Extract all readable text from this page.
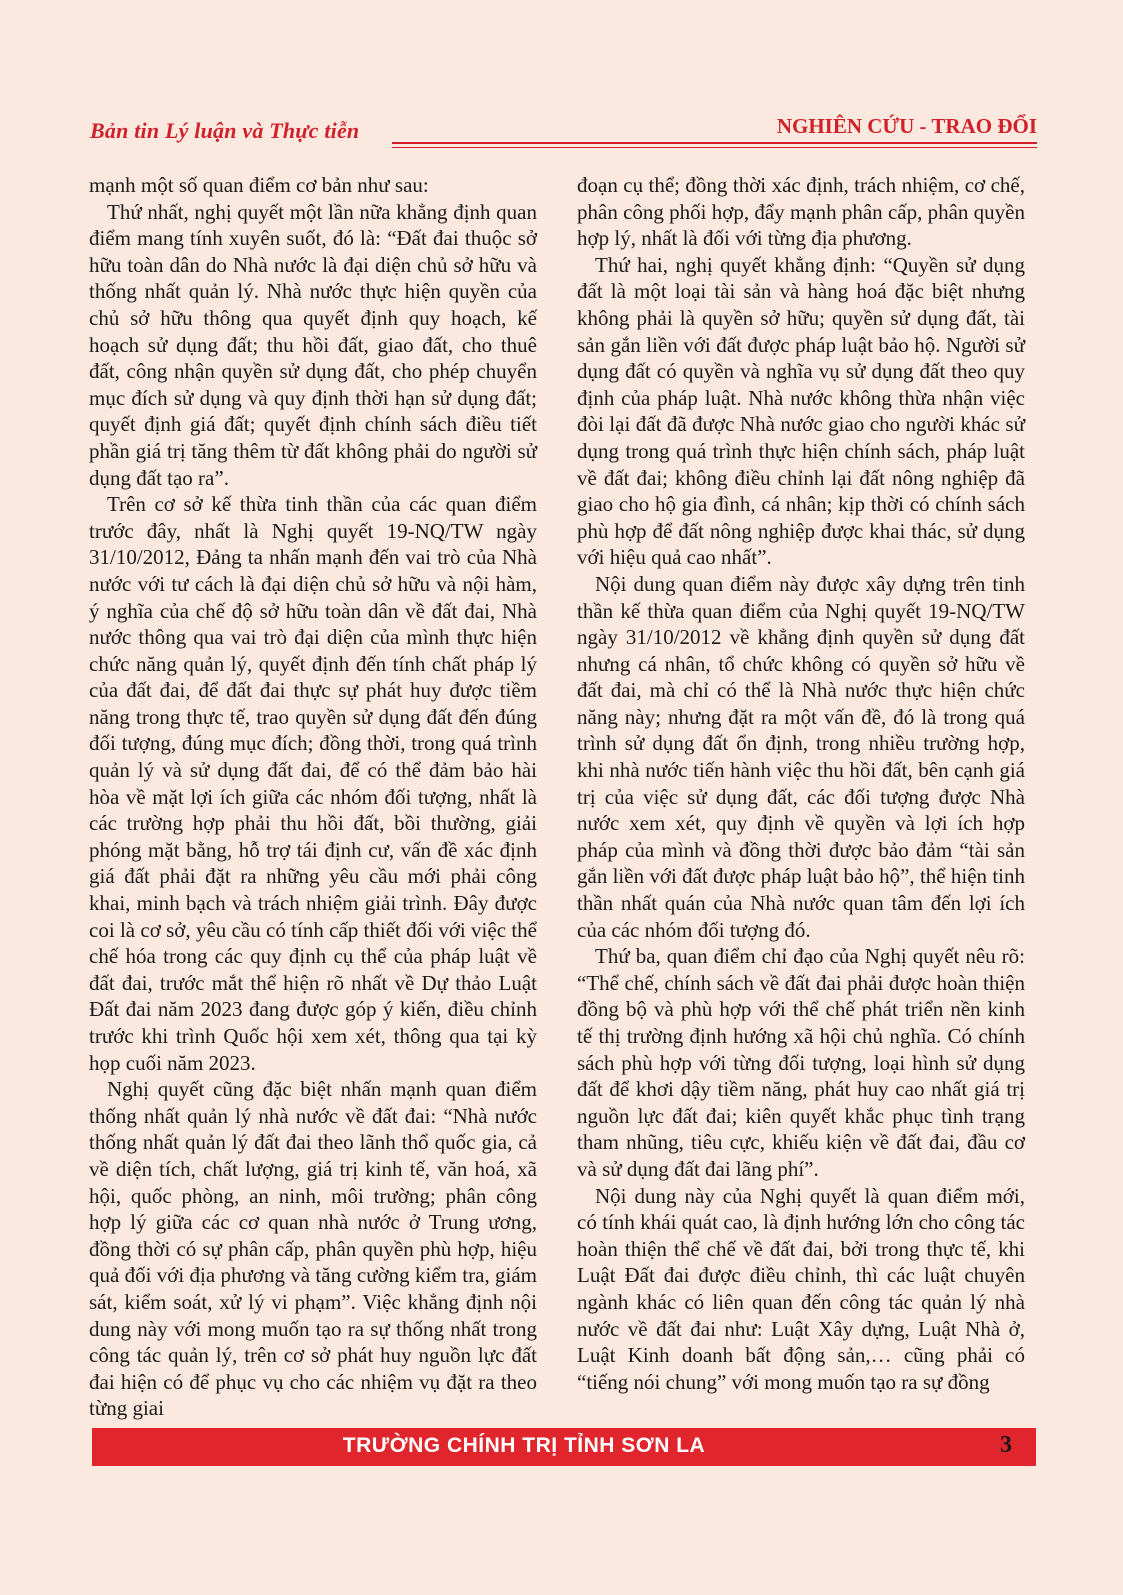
Bản tin Lý luận và Thực tiễn	NGHIÊN CỨU - TRAO ĐỔI

mạnh một số quan điểm cơ bản như sau:

Thứ nhất, nghị quyết một lần nữa khẳng định quan điểm mang tính xuyên suốt, đó là: “Đất đai thuộc sở hữu toàn dân do Nhà nước là đại diện chủ sở hữu và thống nhất quản lý. Nhà nước thực hiện quyền của chủ sở hữu thông qua quyết định quy hoạch, kế hoạch sử dụng đất; thu hồi đất, giao đất, cho thuê đất, công nhận quyền sử dụng đất, cho phép chuyển mục đích sử dụng và quy định thời hạn sử dụng đất; quyết định giá đất; quyết định chính sách điều tiết phần giá trị tăng thêm từ đất không phải do người sử dụng đất tạo ra”.

Trên cơ sở kế thừa tinh thần của các quan điểm trước đây, nhất là Nghị quyết 19-NQ/TW ngày 31/10/2012, Đảng ta nhấn mạnh đến vai trò của Nhà nước với tư cách là đại diện chủ sở hữu và nội hàm, ý nghĩa của chế độ sở hữu toàn dân về đất đai, Nhà nước thông qua vai trò đại diện của mình thực hiện chức năng quản lý, quyết định đến tính chất pháp lý của đất đai, để đất đai thực sự phát huy được tiềm năng trong thực tế, trao quyền sử dụng đất đến đúng đối tượng, đúng mục đích; đồng thời, trong quá trình quản lý và sử dụng đất đai, để có thể đảm bảo hài hòa về mặt lợi ích giữa các nhóm đối tượng, nhất là các trường hợp phải thu hồi đất, bồi thường, giải phóng mặt bằng, hỗ trợ tái định cư, vấn đề xác định giá đất phải đặt ra những yêu cầu mới phải công khai, minh bạch và trách nhiệm giải trình. Đây được coi là cơ sở, yêu cầu có tính cấp thiết đối với việc thể chế hóa trong các quy định cụ thể của pháp luật về đất đai, trước mắt thể hiện rõ nhất về Dự thảo Luật Đất đai năm 2023 đang được góp ý kiến, điều chỉnh trước khi trình Quốc hội xem xét, thông qua tại kỳ họp cuối năm 2023.

Nghị quyết cũng đặc biệt nhấn mạnh quan điểm thống nhất quản lý nhà nước về đất đai: “Nhà nước thống nhất quản lý đất đai theo lãnh thổ quốc gia, cả về diện tích, chất lượng, giá trị kinh tế, văn hoá, xã hội, quốc phòng, an ninh, môi trường; phân công hợp lý giữa các cơ quan nhà nước ở Trung ương, đồng thời có sự phân cấp, phân quyền phù hợp, hiệu quả đối với địa phương và tăng cường kiểm tra, giám sát, kiểm soát, xử lý vi phạm”. Việc khẳng định nội dung này với mong muốn tạo ra sự thống nhất trong công tác quản lý, trên cơ sở phát huy nguồn lực đất đai hiện có để phục vụ cho các nhiệm vụ đặt ra theo từng giai

đoạn cụ thể; đồng thời xác định, trách nhiệm, cơ chế, phân công phối hợp, đẩy mạnh phân cấp, phân quyền hợp lý, nhất là đối với từng địa phương.

Thứ hai, nghị quyết khẳng định: “Quyền sử dụng đất là một loại tài sản và hàng hoá đặc biệt nhưng không phải là quyền sở hữu; quyền sử dụng đất, tài sản gắn liền với đất được pháp luật bảo hộ. Người sử dụng đất có quyền và nghĩa vụ sử dụng đất theo quy định của pháp luật. Nhà nước không thừa nhận việc đòi lại đất đã được Nhà nước giao cho người khác sử dụng trong quá trình thực hiện chính sách, pháp luật về đất đai; không điều chỉnh lại đất nông nghiệp đã giao cho hộ gia đình, cá nhân; kịp thời có chính sách phù hợp để đất nông nghiệp được khai thác, sử dụng với hiệu quả cao nhất”.

Nội dung quan điểm này được xây dựng trên tinh thần kế thừa quan điểm của Nghị quyết 19-NQ/TW ngày 31/10/2012 về khẳng định quyền sử dụng đất nhưng cá nhân, tổ chức không có quyền sở hữu về đất đai, mà chỉ có thể là Nhà nước thực hiện chức năng này; nhưng đặt ra một vấn đề, đó là trong quá trình sử dụng đất ổn định, trong nhiều trường hợp, khi nhà nước tiến hành việc thu hồi đất, bên cạnh giá trị của việc sử dụng đất, các đối tượng được Nhà nước xem xét, quy định về quyền và lợi ích hợp pháp của mình và đồng thời được bảo đảm “tài sản gắn liền với đất được pháp luật bảo hộ”, thể hiện tinh thần nhất quán của Nhà nước quan tâm đến lợi ích của các nhóm đối tượng đó.

Thứ ba, quan điểm chỉ đạo của Nghị quyết nêu rõ: “Thể chế, chính sách về đất đai phải được hoàn thiện đồng bộ và phù hợp với thể chế phát triển nền kinh tế thị trường định hướng xã hội chủ nghĩa. Có chính sách phù hợp với từng đối tượng, loại hình sử dụng đất để khơi dậy tiềm năng, phát huy cao nhất giá trị nguồn lực đất đai; kiên quyết khắc phục tình trạng tham nhũng, tiêu cực, khiếu kiện về đất đai, đầu cơ và sử dụng đất đai lãng phí”.

Nội dung này của Nghị quyết là quan điểm mới, có tính khái quát cao, là định hướng lớn cho công tác hoàn thiện thể chế về đất đai, bởi trong thực tế, khi Luật Đất đai được điều chỉnh, thì các luật chuyên ngành khác có liên quan đến công tác quản lý nhà nước về đất đai như: Luật Xây dựng, Luật Nhà ở, Luật Kinh doanh bất động sản,… cũng phải có “tiếng nói chung” với mong muốn tạo ra sự đồng

TRƯỜNG CHÍNH TRỊ TỈNH SƠN LA	3
